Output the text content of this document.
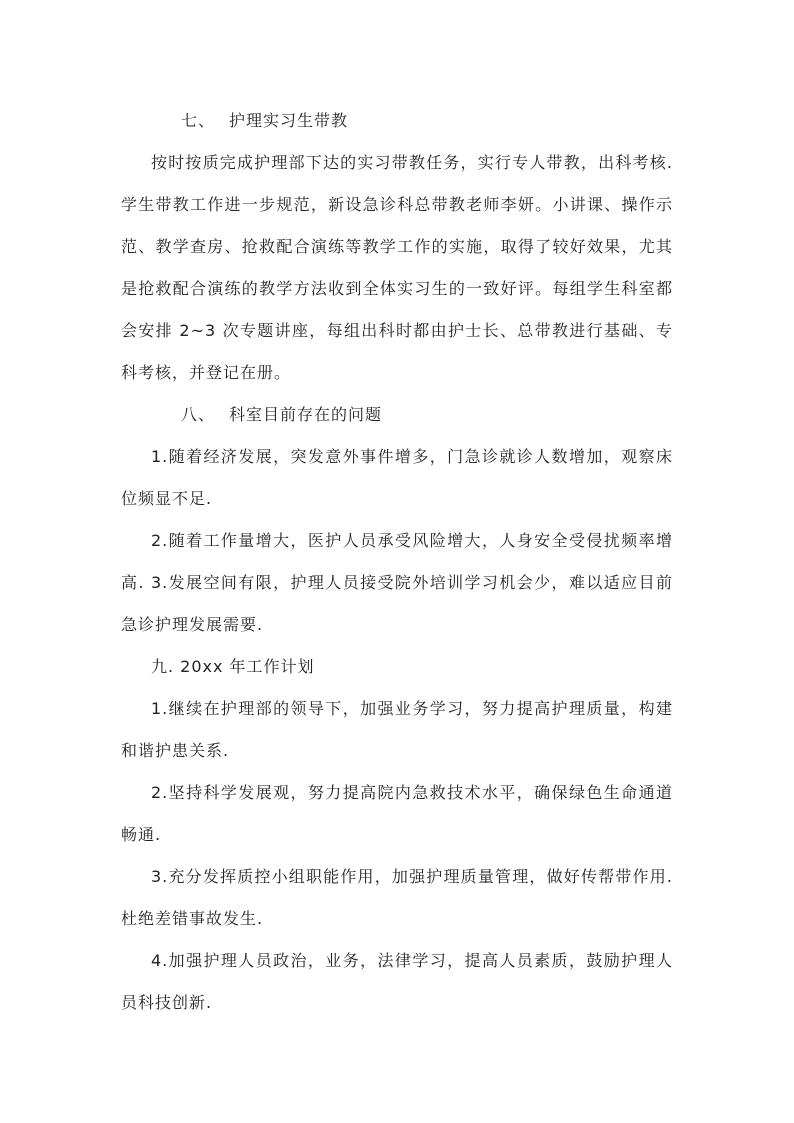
七、 护理实习生带教

按时按质完成护理部下达的实习带教任务，实行专人带教，出科考核.学生带教工作进一步规范，新设急诊科总带教老师李妍。小讲课、操作示范、教学查房、抢救配合演练等教学工作的实施，取得了较好效果，尤其是抢救配合演练的教学方法收到全体实习生的一致好评。每组学生科室都会安排 2~3 次专题讲座，每组出科时都由护士长、总带教进行基础、专科考核，并登记在册。

八、 科室目前存在的问题

1.随着经济发展，突发意外事件增多，门急诊就诊人数增加，观察床位频显不足.

2.随着工作量增大，医护人员承受风险增大，人身安全受侵扰频率增高. 3.发展空间有限，护理人员接受院外培训学习机会少，难以适应目前急诊护理发展需要.

九. 20xx 年工作计划

1.继续在护理部的领导下，加强业务学习，努力提高护理质量，构建和谐护患关系.

2.坚持科学发展观，努力提高院内急救技术水平，确保绿色生命通道畅通.

3.充分发挥质控小组职能作用，加强护理质量管理，做好传帮带作用.杜绝差错事故发生.

4.加强护理人员政治，业务，法律学习，提高人员素质，鼓励护理人员科技创新.
